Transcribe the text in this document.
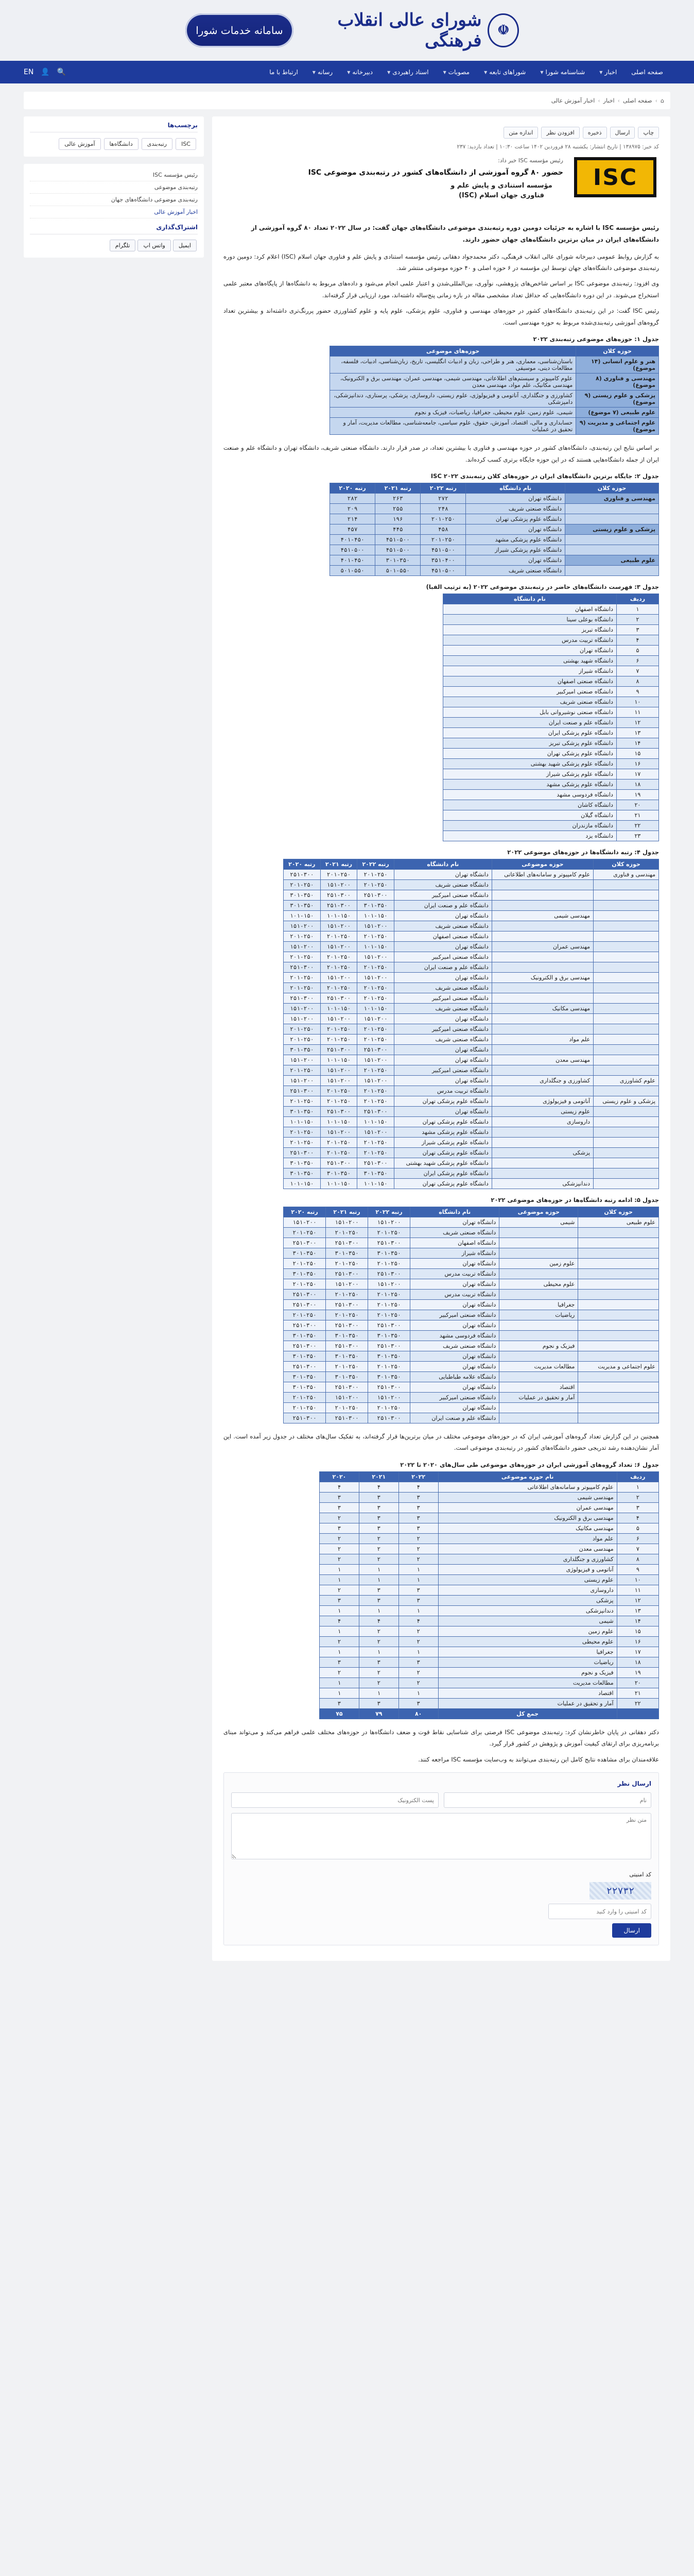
☫
شورای عالی انقلاب فرهنگی
سامانه خدمات شورا
صفحه اصلی
اخبار
▼
شناسنامه شورا
▼
شوراهای تابعه
▼
مصوبات
▼
اسناد راهبردی
▼
دبیرخانه
▼
رسانه
▼
ارتباط با ما
🔍
👤
EN
⌂
›
صفحه اصلی
›
اخبار
›
اخبار آموزش عالی
چاپ
ارسال
ذخیره
افزودن نظر
اندازه متن
کد خبر: ۱۳۸۹۷۵ | تاریخ انتشار: یکشنبه ۲۸ فروردین ۱۴۰۲ ساعت ۱۰:۳۰ | تعداد بازدید: ۲۳۷
ISC
رئیس مؤسسه ISC خبر داد:
حضور ۸۰ گروه آموزشی از دانشگاه‌های کشور در رتبه‌بندی موضوعی ISC
مؤسسه استنادی و پایش علم و فناوری جهان اسلام (ISC)
رئیس مؤسسه ISC با اشاره به جزئیات دومین دوره رتبه‌بندی موضوعی دانشگاه‌های جهان گفت: در سال ۲۰۲۲ تعداد ۸۰ گروه آموزشی از دانشگاه‌های ایران در میان برترین دانشگاه‌های جهان حضور دارند.
به گزارش روابط عمومی دبیرخانه شورای عالی انقلاب فرهنگی، دکتر محمدجواد دهقانی رئیس مؤسسه استنادی و پایش علم و فناوری جهان اسلام (ISC) اعلام کرد: دومین دوره رتبه‌بندی موضوعی دانشگاه‌های جهان توسط این مؤسسه در ۶ حوزه اصلی و ۴۰ حوزه موضوعی منتشر شد.
وی افزود: رتبه‌بندی موضوعی ISC بر اساس شاخص‌های پژوهشی، نوآوری، بین‌المللی‌شدن و اعتبار علمی انجام می‌شود و داده‌های مربوط به دانشگاه‌ها از پایگاه‌های معتبر علمی استخراج می‌شوند. در این دوره دانشگاه‌هایی که حداقل تعداد مشخصی مقاله در بازه زمانی پنج‌ساله داشته‌اند، مورد ارزیابی قرار گرفته‌اند.
رئیس ISC گفت: در این رتبه‌بندی دانشگاه‌های کشور در حوزه‌های مهندسی و فناوری، علوم پزشکی، علوم پایه و علوم کشاورزی حضور پررنگ‌تری داشته‌اند و بیشترین تعداد گروه‌های آموزشی رتبه‌بندی‌شده مربوط به حوزه مهندسی است.
جدول ۱: حوزه‌های موضوعی رتبه‌بندی ۲۰۲۲
حوزه کلان	حوزه‌های موضوعی
هنر و علوم انسانی (۱۴ موضوع)	باستان‌شناسی، معماری، هنر و طراحی، زبان و ادبیات انگلیسی، تاریخ، زبان‌شناسی، ادبیات، فلسفه، مطالعات دینی، موسیقی
مهندسی و فناوری (۸ موضوع)	علوم کامپیوتر و سیستم‌های اطلاعاتی، مهندسی شیمی، مهندسی عمران، مهندسی برق و الکترونیک، مهندسی مکانیک، علم مواد، مهندسی معدن
پزشکی و علوم زیستی (۹ موضوع)	کشاورزی و جنگلداری، آناتومی و فیزیولوژی، علوم زیستی، داروسازی، پزشکی، پرستاری، دندانپزشکی، دامپزشکی
علوم طبیعی (۷ موضوع)	شیمی، علوم زمین، علوم محیطی، جغرافیا، ریاضیات، فیزیک و نجوم
علوم اجتماعی و مدیریت (۹ موضوع)	حسابداری و مالی، اقتصاد، آموزش، حقوق، علوم سیاسی، جامعه‌شناسی، مطالعات مدیریت، آمار و تحقیق در عملیات
بر اساس نتایج این رتبه‌بندی، دانشگاه‌های کشور در حوزه مهندسی و فناوری با بیشترین تعداد، در صدر قرار دارند. دانشگاه صنعتی شریف، دانشگاه تهران و دانشگاه علم و صنعت ایران از جمله دانشگاه‌هایی هستند که در این حوزه جایگاه برتری کسب کرده‌اند.
جدول ۲: جایگاه برترین دانشگاه‌های ایران در حوزه‌های کلان رتبه‌بندی ISC ۲۰۲۲
حوزه کلان	نام دانشگاه	رتبه ۲۰۲۲	رتبه ۲۰۲۱	رتبه ۲۰۲۰
مهندسی و فناوری	دانشگاه تهران	۲۷۲	۲۶۳	۲۸۲
	دانشگاه صنعتی شریف	۲۴۸	۲۵۵	۲۰۹
	دانشگاه علوم پزشکی تهران	۲۰۱-۲۵۰	۱۹۶	۲۱۴
پزشکی و علوم زیستی	دانشگاه تهران	۴۵۸	۴۴۵	۴۵۷
	دانشگاه علوم پزشکی مشهد	۲۰۱-۲۵۰	۴۵۱-۵۰۰	۴۰۱-۴۵۰
	دانشگاه علوم پزشکی شیراز	۴۵۱-۵۰۰	۴۵۱-۵۰۰	۴۵۱-۵۰۰
علوم طبیعی	دانشگاه تهران	۳۵۱-۴۰۰	۳۰۱-۳۵۰	۴۰۱-۴۵۰
	دانشگاه صنعتی شریف	۴۵۱-۵۰۰	۵۰۱-۵۵۰	۵۰۱-۵۵۰
جدول ۳: فهرست دانشگاه‌های حاضر در رتبه‌بندی موضوعی ۲۰۲۲ (به ترتیب الفبا)
ردیف	نام دانشگاه
۱	دانشگاه اصفهان
۲	دانشگاه بوعلی سینا
۳	دانشگاه تبریز
۴	دانشگاه تربیت مدرس
۵	دانشگاه تهران
۶	دانشگاه شهید بهشتی
۷	دانشگاه شیراز
۸	دانشگاه صنعتی اصفهان
۹	دانشگاه صنعتی امیرکبیر
۱۰	دانشگاه صنعتی شریف
۱۱	دانشگاه صنعتی نوشیروانی بابل
۱۲	دانشگاه علم و صنعت ایران
۱۳	دانشگاه علوم پزشکی ایران
۱۴	دانشگاه علوم پزشکی تبریز
۱۵	دانشگاه علوم پزشکی تهران
۱۶	دانشگاه علوم پزشکی شهید بهشتی
۱۷	دانشگاه علوم پزشکی شیراز
۱۸	دانشگاه علوم پزشکی مشهد
۱۹	دانشگاه فردوسی مشهد
۲۰	دانشگاه کاشان
۲۱	دانشگاه گیلان
۲۲	دانشگاه مازندران
۲۳	دانشگاه یزد
جدول ۴: رتبه دانشگاه‌ها در حوزه‌های موضوعی ۲۰۲۲
حوزه کلان	حوزه موضوعی	نام دانشگاه	رتبه ۲۰۲۲	رتبه ۲۰۲۱	رتبه ۲۰۲۰
مهندسی و فناوری	علوم کامپیوتر و سامانه‌های اطلاعاتی	دانشگاه تهران	۲۰۱-۲۵۰	۲۰۱-۲۵۰	۲۵۱-۳۰۰
		دانشگاه صنعتی شریف	۲۰۱-۲۵۰	۱۵۱-۲۰۰	۲۰۱-۲۵۰
		دانشگاه صنعتی امیرکبیر	۲۵۱-۳۰۰	۲۵۱-۳۰۰	۳۰۱-۳۵۰
		دانشگاه علم و صنعت ایران	۳۰۱-۳۵۰	۲۵۱-۳۰۰	۳۰۱-۳۵۰
	مهندسی شیمی	دانشگاه تهران	۱۰۱-۱۵۰	۱۰۱-۱۵۰	۱۰۱-۱۵۰
		دانشگاه صنعتی شریف	۱۵۱-۲۰۰	۱۵۱-۲۰۰	۱۵۱-۲۰۰
		دانشگاه صنعتی اصفهان	۲۰۱-۲۵۰	۲۰۱-۲۵۰	۲۰۱-۲۵۰
	مهندسی عمران	دانشگاه تهران	۱۰۱-۱۵۰	۱۵۱-۲۰۰	۱۵۱-۲۰۰
		دانشگاه صنعتی امیرکبیر	۱۵۱-۲۰۰	۲۰۱-۲۵۰	۲۰۱-۲۵۰
		دانشگاه علم و صنعت ایران	۲۰۱-۲۵۰	۲۰۱-۲۵۰	۲۵۱-۳۰۰
	مهندسی برق و الکترونیک	دانشگاه تهران	۱۵۱-۲۰۰	۱۵۱-۲۰۰	۲۰۱-۲۵۰
		دانشگاه صنعتی شریف	۲۰۱-۲۵۰	۲۰۱-۲۵۰	۲۰۱-۲۵۰
		دانشگاه صنعتی امیرکبیر	۲۰۱-۲۵۰	۲۵۱-۳۰۰	۲۵۱-۳۰۰
	مهندسی مکانیک	دانشگاه صنعتی شریف	۱۰۱-۱۵۰	۱۰۱-۱۵۰	۱۵۱-۲۰۰
		دانشگاه تهران	۱۵۱-۲۰۰	۱۵۱-۲۰۰	۱۵۱-۲۰۰
		دانشگاه صنعتی امیرکبیر	۲۰۱-۲۵۰	۲۰۱-۲۵۰	۲۰۱-۲۵۰
	علم مواد	دانشگاه صنعتی شریف	۲۰۱-۲۵۰	۲۰۱-۲۵۰	۲۰۱-۲۵۰
		دانشگاه تهران	۲۵۱-۳۰۰	۲۵۱-۳۰۰	۳۰۱-۳۵۰
	مهندسی معدن	دانشگاه تهران	۱۵۱-۲۰۰	۱۰۱-۱۵۰	۱۵۱-۲۰۰
		دانشگاه صنعتی امیرکبیر	۲۰۱-۲۵۰	۱۵۱-۲۰۰	۲۰۱-۲۵۰
علوم کشاورزی	کشاورزی و جنگلداری	دانشگاه تهران	۱۵۱-۲۰۰	۱۵۱-۲۰۰	۱۵۱-۲۰۰
		دانشگاه تربیت مدرس	۲۰۱-۲۵۰	۲۰۱-۲۵۰	۲۵۱-۳۰۰
پزشکی و علوم زیستی	آناتومی و فیزیولوژی	دانشگاه علوم پزشکی تهران	۲۰۱-۲۵۰	۲۰۱-۲۵۰	۲۰۱-۲۵۰
	علوم زیستی	دانشگاه تهران	۲۵۱-۳۰۰	۲۵۱-۳۰۰	۳۰۱-۳۵۰
	داروسازی	دانشگاه علوم پزشکی تهران	۱۰۱-۱۵۰	۱۰۱-۱۵۰	۱۰۱-۱۵۰
		دانشگاه علوم پزشکی مشهد	۱۵۱-۲۰۰	۱۵۱-۲۰۰	۲۰۱-۲۵۰
		دانشگاه علوم پزشکی شیراز	۲۰۱-۲۵۰	۲۰۱-۲۵۰	۲۰۱-۲۵۰
	پزشکی	دانشگاه علوم پزشکی تهران	۲۰۱-۲۵۰	۲۰۱-۲۵۰	۲۵۱-۳۰۰
		دانشگاه علوم پزشکی شهید بهشتی	۲۵۱-۳۰۰	۲۵۱-۳۰۰	۳۰۱-۳۵۰
		دانشگاه علوم پزشکی ایران	۳۰۱-۳۵۰	۳۰۱-۳۵۰	۳۰۱-۳۵۰
	دندانپزشکی	دانشگاه علوم پزشکی تهران	۱۰۱-۱۵۰	۱۰۱-۱۵۰	۱۰۱-۱۵۰
جدول ۵: ادامه رتبه دانشگاه‌ها در حوزه‌های موضوعی ۲۰۲۲
حوزه کلان	حوزه موضوعی	نام دانشگاه	رتبه ۲۰۲۲	رتبه ۲۰۲۱	رتبه ۲۰۲۰
علوم طبیعی	شیمی	دانشگاه تهران	۱۵۱-۲۰۰	۱۵۱-۲۰۰	۱۵۱-۲۰۰
		دانشگاه صنعتی شریف	۲۰۱-۲۵۰	۲۰۱-۲۵۰	۲۰۱-۲۵۰
		دانشگاه اصفهان	۲۵۱-۳۰۰	۲۵۱-۳۰۰	۲۵۱-۳۰۰
		دانشگاه شیراز	۳۰۱-۳۵۰	۳۰۱-۳۵۰	۳۰۱-۳۵۰
	علوم زمین	دانشگاه تهران	۲۰۱-۲۵۰	۲۰۱-۲۵۰	۲۰۱-۲۵۰
		دانشگاه تربیت مدرس	۲۵۱-۳۰۰	۲۵۱-۳۰۰	۳۰۱-۳۵۰
	علوم محیطی	دانشگاه تهران	۱۵۱-۲۰۰	۱۵۱-۲۰۰	۲۰۱-۲۵۰
		دانشگاه تربیت مدرس	۲۰۱-۲۵۰	۲۰۱-۲۵۰	۲۵۱-۳۰۰
	جغرافیا	دانشگاه تهران	۲۰۱-۲۵۰	۲۵۱-۳۰۰	۲۵۱-۳۰۰
	ریاضیات	دانشگاه صنعتی امیرکبیر	۲۰۱-۲۵۰	۲۰۱-۲۵۰	۲۰۱-۲۵۰
		دانشگاه تهران	۲۵۱-۳۰۰	۲۵۱-۳۰۰	۲۵۱-۳۰۰
		دانشگاه فردوسی مشهد	۳۰۱-۳۵۰	۳۰۱-۳۵۰	۳۰۱-۳۵۰
	فیزیک و نجوم	دانشگاه صنعتی شریف	۲۵۱-۳۰۰	۲۵۱-۳۰۰	۲۵۱-۳۰۰
		دانشگاه تهران	۳۰۱-۳۵۰	۳۰۱-۳۵۰	۳۰۱-۳۵۰
علوم اجتماعی و مدیریت	مطالعات مدیریت	دانشگاه تهران	۲۰۱-۲۵۰	۲۰۱-۲۵۰	۲۵۱-۳۰۰
		دانشگاه علامه طباطبایی	۳۰۱-۳۵۰	۳۰۱-۳۵۰	۳۰۱-۳۵۰
	اقتصاد	دانشگاه تهران	۲۵۱-۳۰۰	۲۵۱-۳۰۰	۳۰۱-۳۵۰
	آمار و تحقیق در عملیات	دانشگاه صنعتی امیرکبیر	۱۵۱-۲۰۰	۱۵۱-۲۰۰	۲۰۱-۲۵۰
		دانشگاه تهران	۲۰۱-۲۵۰	۲۰۱-۲۵۰	۲۰۱-۲۵۰
		دانشگاه علم و صنعت ایران	۲۵۱-۳۰۰	۲۵۱-۳۰۰	۲۵۱-۳۰۰
همچنین در این گزارش تعداد گروه‌های آموزشی ایران که در حوزه‌های موضوعی مختلف در میان برترین‌ها قرار گرفته‌اند، به تفکیک سال‌های مختلف در جدول زیر آمده است. این آمار نشان‌دهنده رشد تدریجی حضور دانشگاه‌های کشور در رتبه‌بندی موضوعی است.
جدول ۶: تعداد گروه‌های آموزشی ایران در حوزه‌های موضوعی طی سال‌های ۲۰۲۰ تا ۲۰۲۲
ردیف	نام حوزه موضوعی	۲۰۲۲	۲۰۲۱	۲۰۲۰
۱	علوم کامپیوتر و سامانه‌های اطلاعاتی	۴	۴	۴
۲	مهندسی شیمی	۳	۳	۳
۳	مهندسی عمران	۳	۳	۳
۴	مهندسی برق و الکترونیک	۳	۳	۲
۵	مهندسی مکانیک	۳	۳	۳
۶	علم مواد	۲	۲	۲
۷	مهندسی معدن	۲	۲	۲
۸	کشاورزی و جنگلداری	۲	۲	۲
۹	آناتومی و فیزیولوژی	۱	۱	۱
۱۰	علوم زیستی	۱	۱	۱
۱۱	داروسازی	۳	۳	۲
۱۲	پزشکی	۳	۳	۳
۱۳	دندانپزشکی	۱	۱	۱
۱۴	شیمی	۴	۴	۴
۱۵	علوم زمین	۲	۲	۱
۱۶	علوم محیطی	۲	۲	۲
۱۷	جغرافیا	۱	۱	۱
۱۸	ریاضیات	۳	۳	۳
۱۹	فیزیک و نجوم	۲	۲	۲
۲۰	مطالعات مدیریت	۲	۲	۱
۲۱	اقتصاد	۱	۱	۱
۲۲	آمار و تحقیق در عملیات	۳	۳	۳
	جمع کل	۸۰	۷۹	۷۵
دکتر دهقانی در پایان خاطرنشان کرد: رتبه‌بندی موضوعی ISC فرصتی برای شناسایی نقاط قوت و ضعف دانشگاه‌ها در حوزه‌های مختلف علمی فراهم می‌کند و می‌تواند مبنای برنامه‌ریزی برای ارتقای کیفیت آموزش و پژوهش در کشور قرار گیرد.
علاقه‌مندان برای مشاهده نتایج کامل این رتبه‌بندی می‌توانند به وب‌سایت مؤسسه ISC مراجعه کنند.
ارسال نظر
نام
پست الکترونیک
متن نظر
کد امنیتی
۲۲۷۳۲
کد امنیتی را وارد کنید
ارسال
برچسب‌ها
ISCرتبه‌بندیدانشگاه‌هاآموزش عالی
رئیس مؤسسه ISC
رتبه‌بندی موضوعی
رتبه‌بندی موضوعی دانشگاه‌های جهان
اخبار آموزش عالی
اشتراک‌گذاری
ایمیلواتس اپتلگرام
